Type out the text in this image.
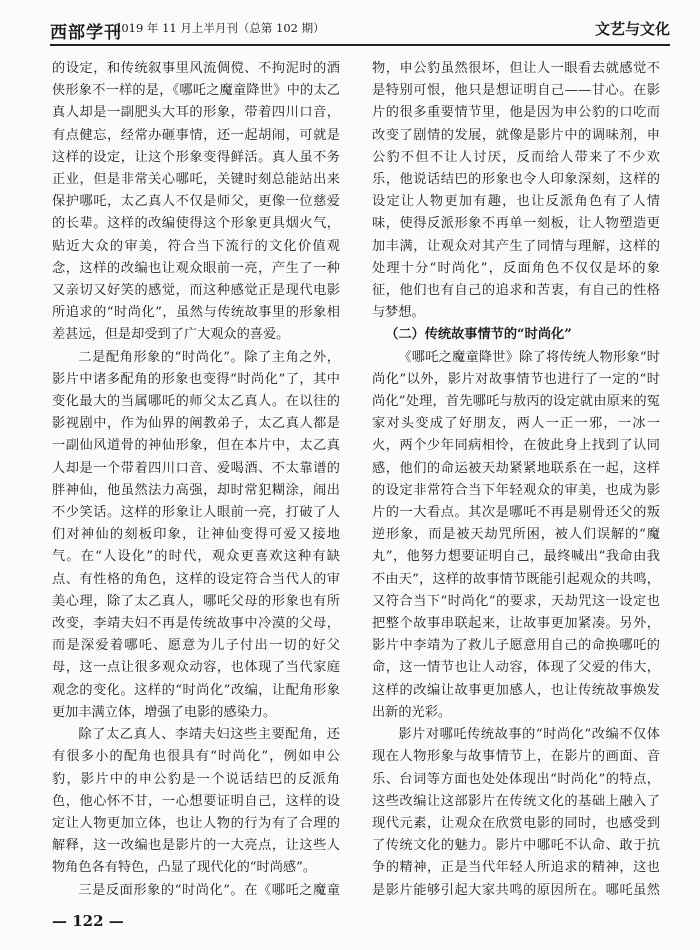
西部学刊
2019 年 11 月上半月刊（总第 102 期）	文艺与文化

的设定，和传统叙事里风流倜傥、不拘泥时的酒侠形象不一样的是，《哪吒之魔童降世》中的太乙真人却是一副肥头大耳的形象，带着四川口音，有点健忘，经常办砸事情，还一起胡闹，可就是这样的设定，让这个形象变得鲜活。真人虽不务正业，但是非常关心哪吒，关键时刻总能站出来保护哪吒，太乙真人不仅是师父，更像一位慈爱的长辈。这样的改编使得这个形象更具烟火气，贴近大众的审美，符合当下流行的文化价值观念，这样的改编也让观众眼前一亮，产生了一种又亲切又好笑的感觉，而这种感觉正是现代电影所追求的“时尚化”，虽然与传统故事里的形象相差甚远，但是却受到了广大观众的喜爱。

二是配角形象的“时尚化”。除了主角之外，影片中诸多配角的形象也变得“时尚化”了，其中变化最大的当属哪吒的师父太乙真人。在以往的影视剧中，作为仙界的阐教弟子，太乙真人都是一副仙风道骨的神仙形象，但在本片中，太乙真人却是一个带着四川口音、爱喝酒、不太靠谱的胖神仙，他虽然法力高强，却时常犯糊涂，闹出不少笑话。这样的形象让人眼前一亮，打破了人们对神仙的刻板印象，让神仙变得可爱又接地气。在“人设化”的时代，观众更喜欢这种有缺点、有性格的角色，这样的设定符合当代人的审美心理，除了太乙真人，哪吒父母的形象也有所改变，李靖夫妇不再是传统故事中冷漠的父母，而是深爱着哪吒、愿意为儿子付出一切的好父母，这一点让很多观众动容，也体现了当代家庭观念的变化。这样的“时尚化”改编，让配角形象更加丰满立体，增强了电影的感染力。

除了太乙真人、李靖夫妇这些主要配角，还有很多小的配角也很具有“时尚化”，例如申公豹，影片中的申公豹是一个说话结巴的反派角色，他心怀不甘，一心想要证明自己，这样的设定让人物更加立体，也让人物的行为有了合理的解释，这一改编也是影片的一大亮点，让这些人物角色各有特色，凸显了现代化的“时尚感”。

三是反面形象的“时尚化”。在《哪吒之魔童

物，申公豹虽然很坏，但让人一眼看去就感觉不是特别可恨，他只是想证明自己——甘心。在影片的很多重要情节里，他是因为申公豹的口吃而改变了剧情的发展，就像是影片中的调味剂，申公豹不但不让人讨厌，反而给人带来了不少欢乐，他说话结巴的形象也令人印象深刻，这样的设定让人物更加有趣，也让反派角色有了人情味，使得反派形象不再单一刻板，让人物塑造更加丰满，让观众对其产生了同情与理解，这样的处理十分“时尚化”，反面角色不仅仅是坏的象征，他们也有自己的追求和苦衷，有自己的性格与梦想。

（二）传统故事情节的“时尚化”

《哪吒之魔童降世》除了将传统人物形象“时尚化”以外，影片对故事情节也进行了一定的“时尚化”处理，首先哪吒与敖丙的设定就由原来的冤家对头变成了好朋友，两人一正一邪，一冰一火，两个少年同病相怜，在彼此身上找到了认同感，他们的命运被天劫紧紧地联系在一起，这样的设定非常符合当下年轻观众的审美，也成为影片的一大看点。其次是哪吒不再是剔骨还父的叛逆形象，而是被天劫咒所困，被人们误解的“魔丸”，他努力想要证明自己，最终喊出“我命由我不由天”，这样的故事情节既能引起观众的共鸣，又符合当下“时尚化”的要求，天劫咒这一设定也把整个故事串联起来，让故事更加紧凑。另外，影片中李靖为了救儿子愿意用自己的命换哪吒的命，这一情节也让人动容，体现了父爱的伟大，这样的改编让故事更加感人，也让传统故事焕发出新的光彩。

影片对哪吒传统故事的“时尚化”改编不仅体现在人物形象与故事情节上，在影片的画面、音乐、台词等方面也处处体现出“时尚化”的特点，这些改编让这部影片在传统文化的基础上融入了现代元素，让观众在欣赏电影的同时，也感受到了传统文化的魅力。影片中哪吒不认命、敢于抗争的精神，正是当代年轻人所追求的精神，这也是影片能够引起大家共鸣的原因所在。哪吒虽然

— 122 —
